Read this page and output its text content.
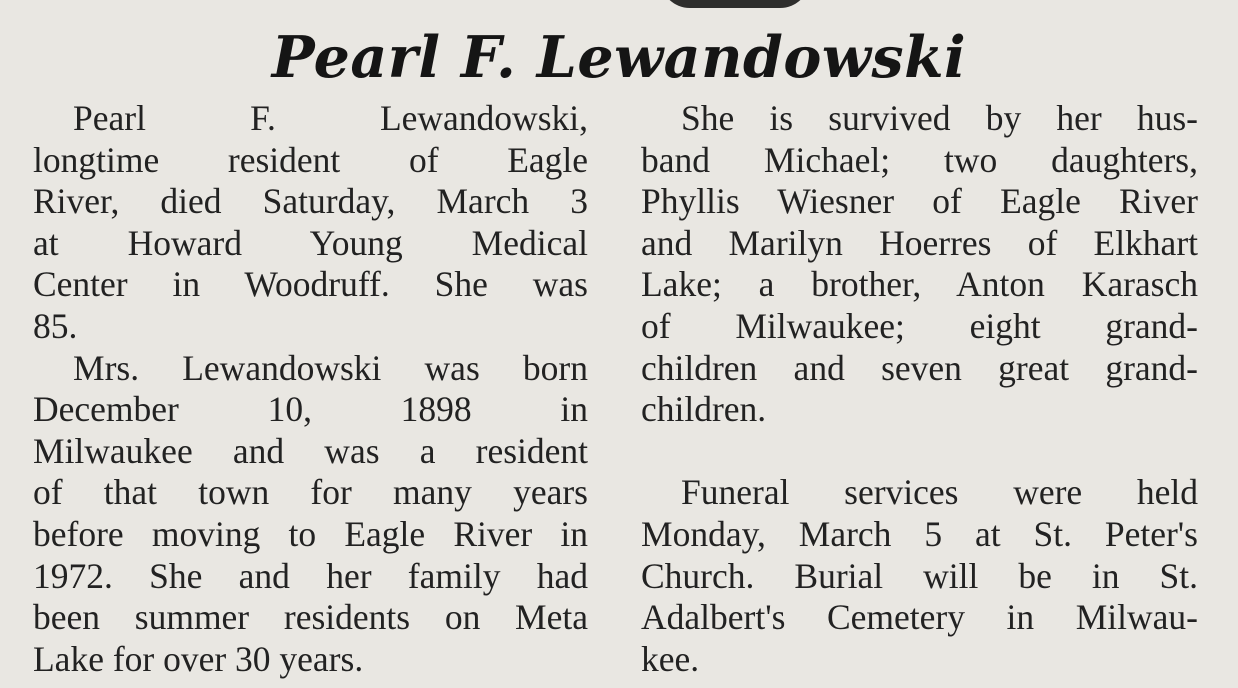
Pearl F. Lewandowski
Pearl F. Lewandowski,
longtime resident of Eagle
River, died Saturday, March 3
at Howard Young Medical
Center in Woodruff. She was
85.
Mrs. Lewandowski was born
December 10, 1898 in
Milwaukee and was a resident
of that town for many years
before moving to Eagle River in
1972. She and her family had
been summer residents on Meta
Lake for over 30 years.
She is survived by her hus-
band Michael; two daughters,
Phyllis Wiesner of Eagle River
and Marilyn Hoerres of Elkhart
Lake; a brother, Anton Karasch
of Milwaukee; eight grand-
children and seven great grand-
children.
Funeral services were held
Monday, March 5 at St. Peter's
Church. Burial will be in St.
Adalbert's Cemetery in Milwau-
kee.
